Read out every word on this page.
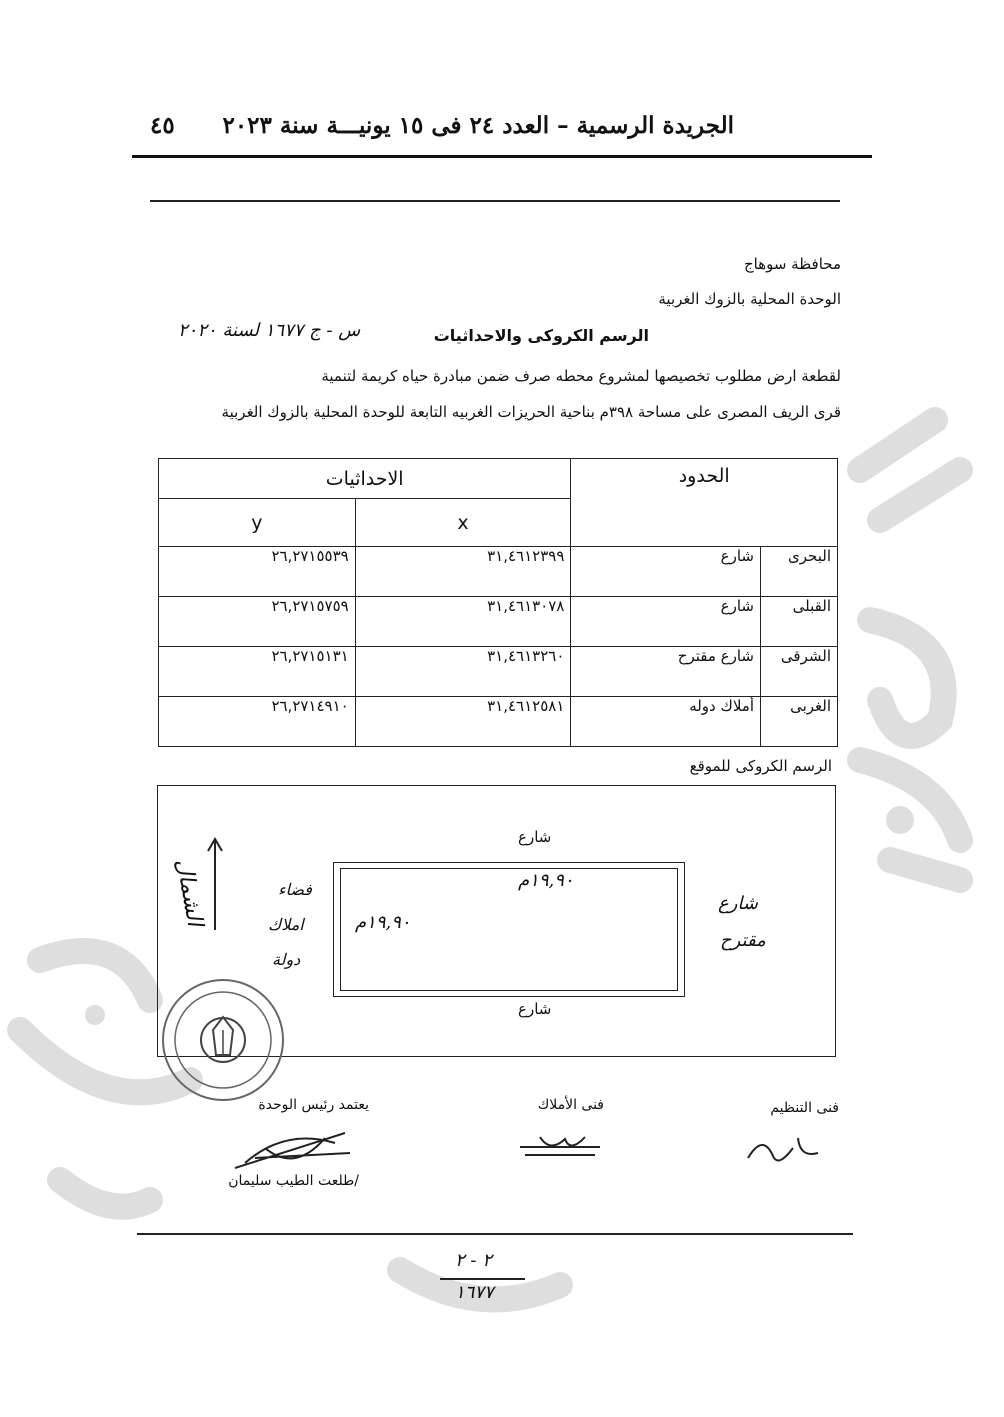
الجريدة الرسمية – العدد ٢٤ فى ١٥ يونيـــة سنة ٢٠٢٣
٤٥
محافظة سوهاج
الوحدة المحلية بالزوك الغربية
الرسم الكروكى والاحداثيات
س - ج ١٦٧٧ لسنة ٢٠٢٠
لقطعة ارض مطلوب تخصيصها لمشروع محطه صرف ضمن مبادرة حياه كريمة لتنمية
قرى الريف المصرى على مساحة ٣٩٨م بناحية الحريزات الغربيه التابعة للوحدة المحلية بالزوك الغربية
الاحداثيات		الحدود	
y	x		
٢٦,٢٧١٥٥٣٩	٣١,٤٦١٢٣٩٩	شارع	البحرى
٢٦,٢٧١٥٧٥٩	٣١,٤٦١٣٠٧٨	شارع	القبلى
٢٦,٢٧١٥١٣١	٣١,٤٦١٣٢٦٠	شارع مقترح	الشرقى
٢٦,٢٧١٤٩١٠	٣١,٤٦١٢٥٨١	أملاك دوله	الغربى
الرسم الكروكى للموقع
الشمال	فضاء
املاك
دولة
شارع
شارع
١٩,٩٠م
١٩,٩٠م
شارع
مقترح
فنى التنظيم
فنى الأملاك
يعتمد رئيس الوحدة
/طلعت الطيب سليمان
٢ - ٢
١٦٧٧
